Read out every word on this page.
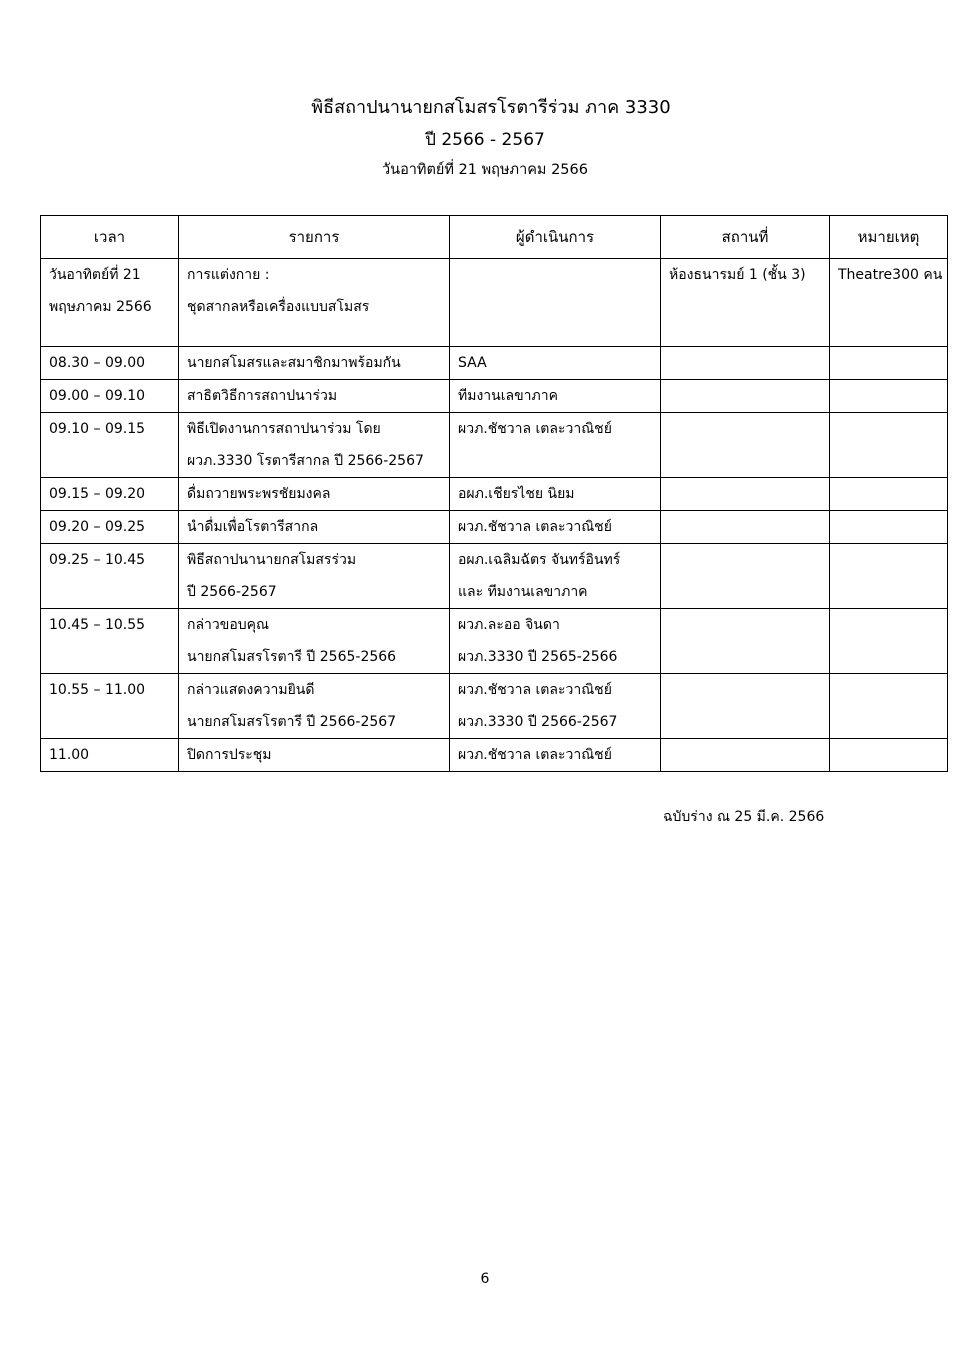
พิธีสถาปนานายกสโมสรโรตารีร่วม ภาค 3330
ปี 2566 - 2567
วันอาทิตย์ที่ 21 พฤษภาคม 2566
เวลา	รายการ	ผู้ดำเนินการ	สถานที่	หมายเหตุ

วันอาทิตย์ที่ 21
พฤษภาคม 2566	การแต่งกาย :
ชุดสากลหรือเครื่องแบบสโมสร		ห้องธนารมย์ 1 (ชั้น 3)	Theatre300 คน

08.30 – 09.00	นายกสโมสรและสมาชิกมาพร้อมกัน	SAA		

09.00 – 09.10	สาธิตวิธีการสถาปนาร่วม	ทีมงานเลขาภาค		

09.10 – 09.15	พิธีเปิดงานการสถาปนาร่วม โดย
ผวภ.3330 โรตารีสากล ปี 2566-2567	ผวภ.ชัชวาล เตละวาณิชย์		

09.15 – 09.20	ดื่มถวายพระพรชัยมงคล	อผภ.เชียรไชย นิยม		

09.20 – 09.25	นำดื่มเพื่อโรตารีสากล	ผวภ.ชัชวาล เตละวาณิชย์		

09.25 – 10.45	พิธีสถาปนานายกสโมสรร่วม
ปี 2566-2567	อผภ.เฉลิมฉัตร จันทร์อินทร์
และ ทีมงานเลขาภาค		

10.45 – 10.55	กล่าวขอบคุณ
นายกสโมสรโรตารี ปี 2565-2566	ผวภ.ละออ จินดา
ผวภ.3330 ปี 2565-2566		

10.55 – 11.00	กล่าวแสดงความยินดี
นายกสโมสรโรตารี ปี 2566-2567	ผวภ.ชัชวาล เตละวาณิชย์
ผวภ.3330 ปี 2566-2567		

11.00	ปิดการประชุม	ผวภ.ชัชวาล เตละวาณิชย์		

ฉบับร่าง ณ 25 มี.ค. 2566
6
